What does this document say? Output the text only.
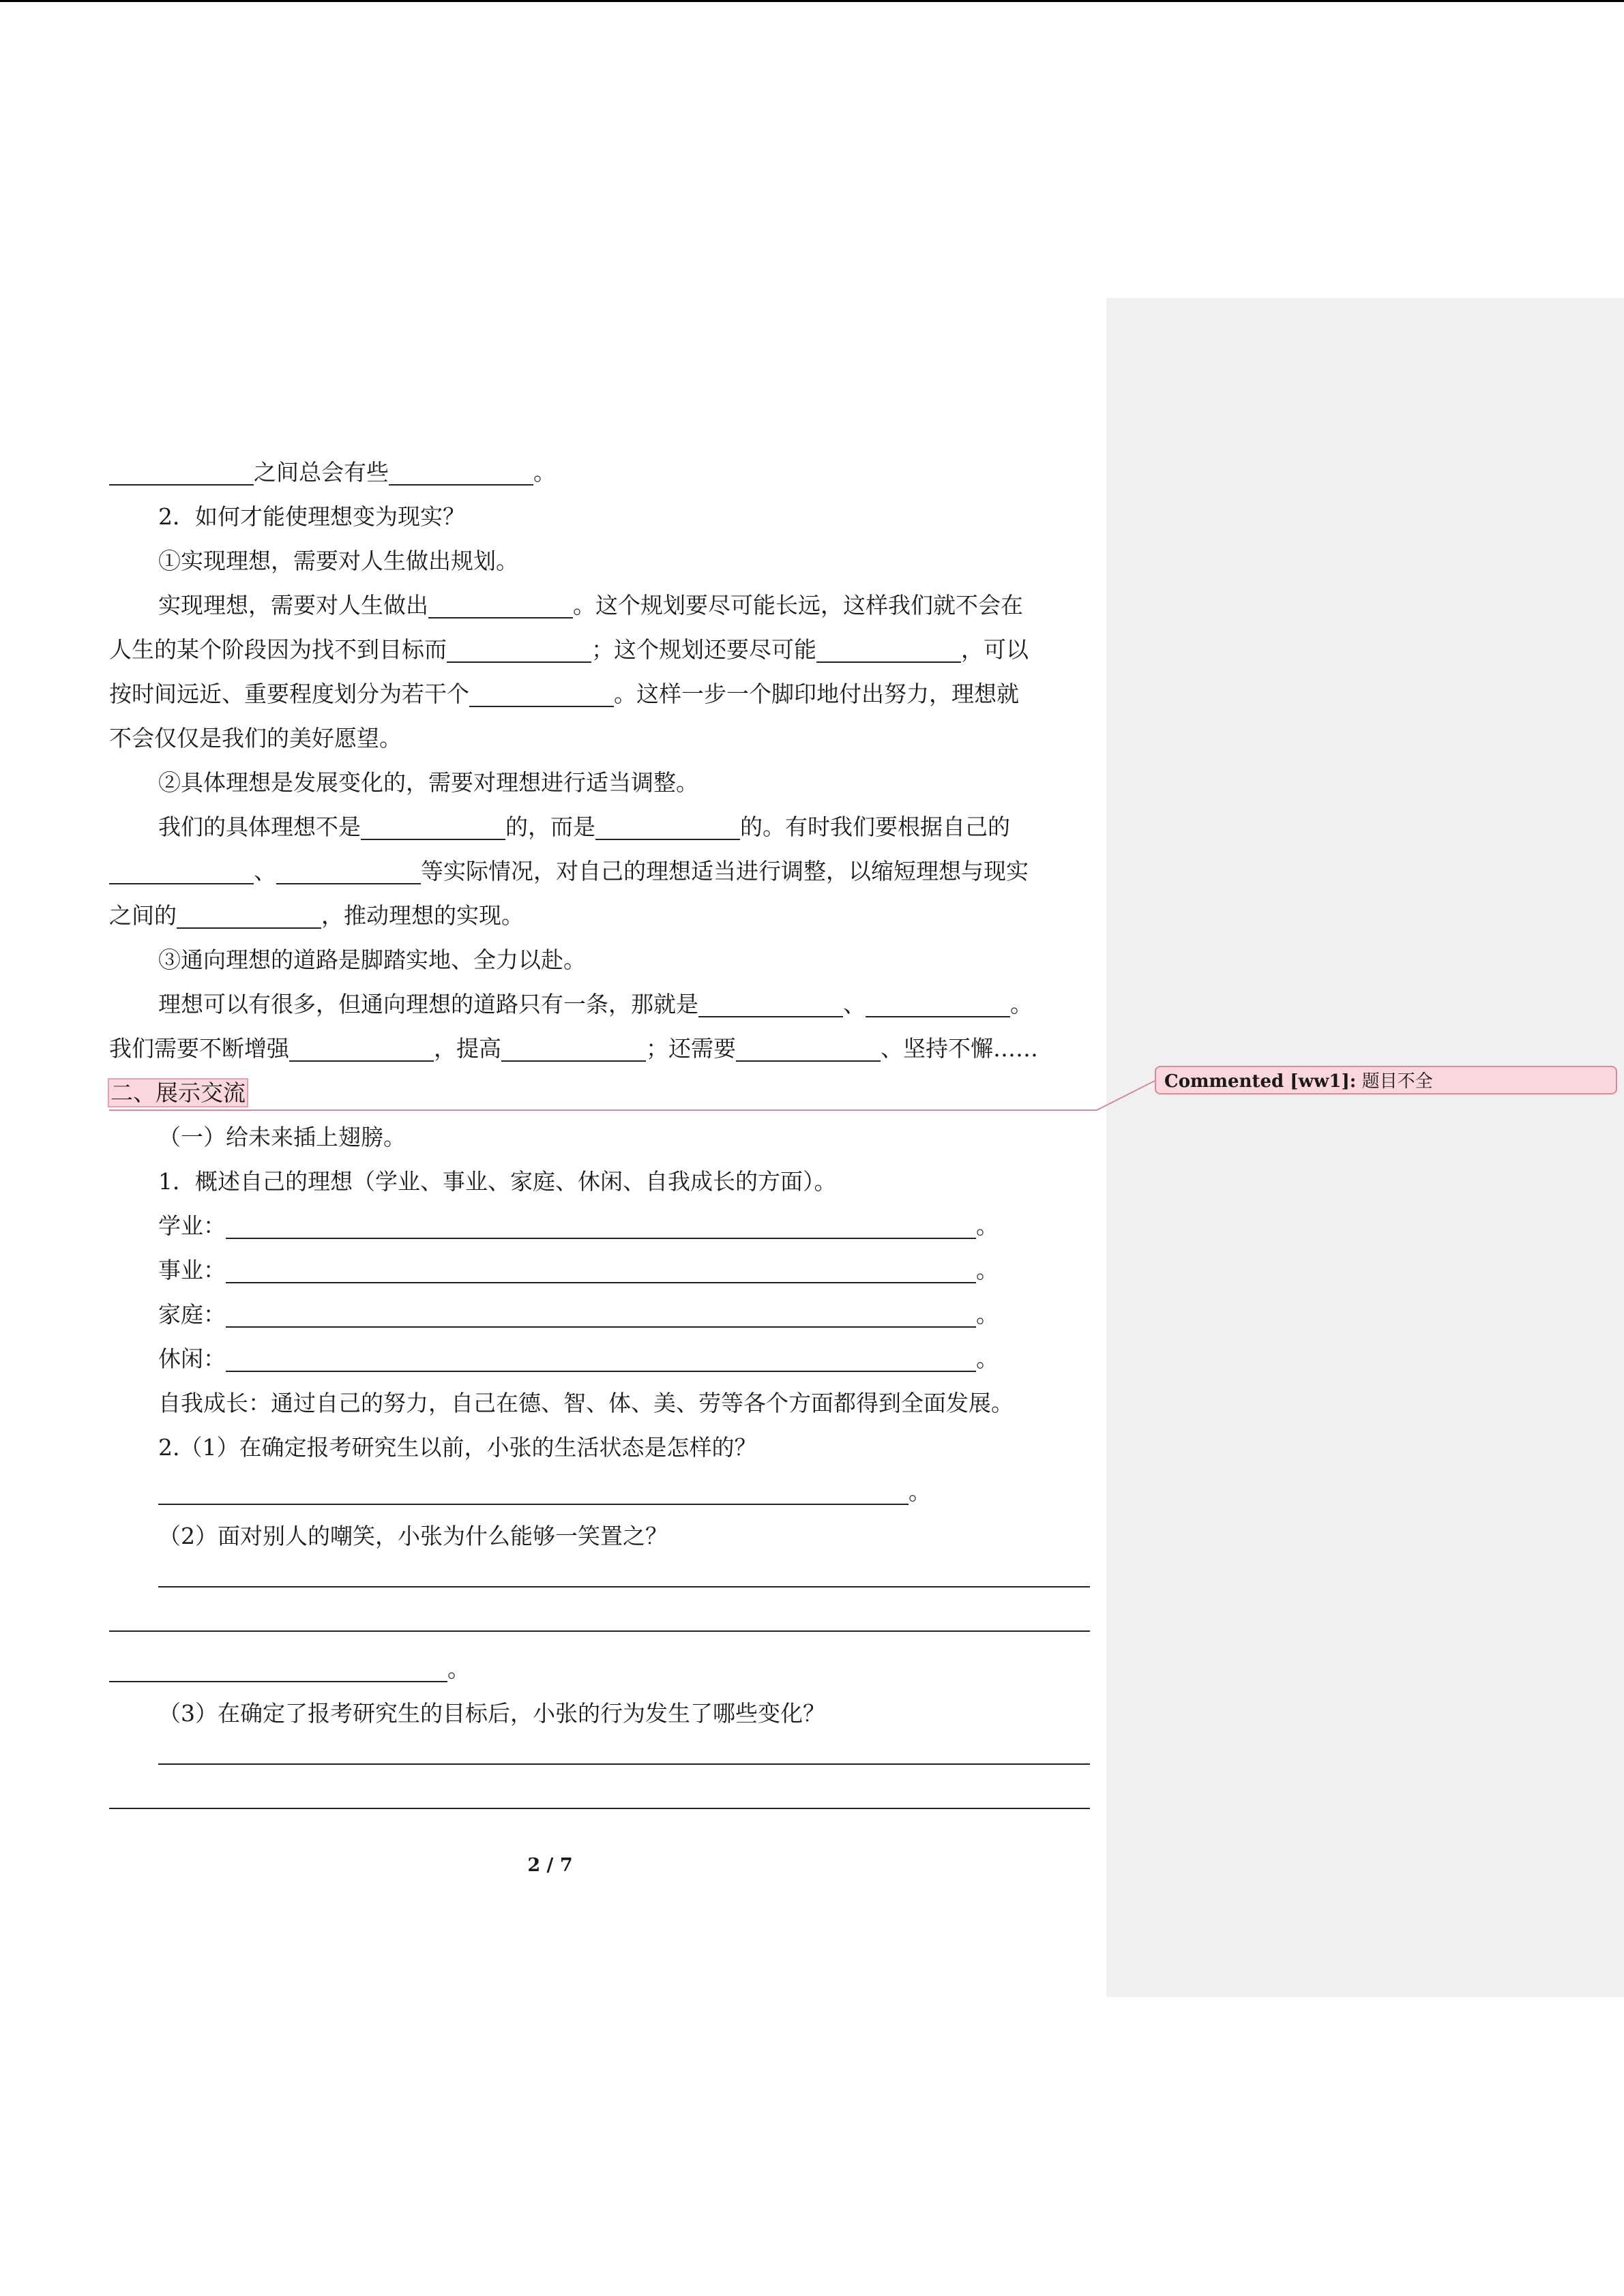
之间总会有些	。
2．如何才能使理想变为现实？
①实现理想，需要对人生做出规划。
实现理想，需要对人生做出	。这个规划要尽可能长远，这样我们就不会在
人生的某个阶段因为找不到目标而	；这个规划还要尽可能	，可以
按时间远近、重要程度划分为若干个	。这样一步一个脚印地付出努力，理想就
不会仅仅是我们的美好愿望。
②具体理想是发展变化的，需要对理想进行适当调整。
我们的具体理想不是	的，而是	的。有时我们要根据自己的
、	等实际情况，对自己的理想适当进行调整，以缩短理想与现实
之间的	，推动理想的实现。
③通向理想的道路是脚踏实地、全力以赴。
理想可以有很多，但通向理想的道路只有一条，那就是	、	。
我们需要不断增强	，提高	；还需要	、坚持不懈……
二、展示交流
（一）给未来插上翅膀。
1．概述自己的理想（学业、事业、家庭、休闲、自我成长的方面）。
学业：	。
事业：	。
家庭：	。
休闲：	。
自我成长：通过自己的努力，自己在德、智、体、美、劳等各个方面都得到全面发展。
2.（1）在确定报考研究生以前，小张的生活状态是怎样的？
。
（2）面对别人的嘲笑，小张为什么能够一笑置之？
。
（3）在确定了报考研究生的目标后，小张的行为发生了哪些变化？
Commented [ww1]: 题目不全
2 / 7
